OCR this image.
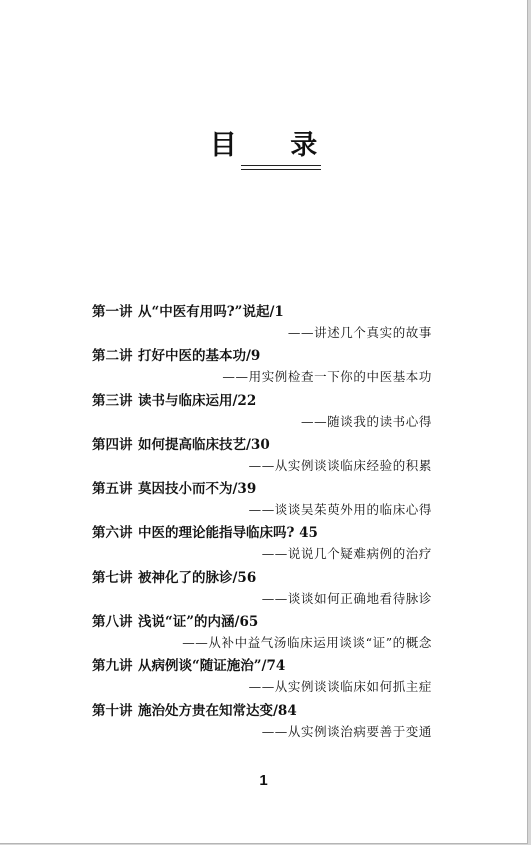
目 录
第一讲 从“中医有用吗?”说起/1
——讲述几个真实的故事
第二讲 打好中医的基本功/9
——用实例检查一下你的中医基本功
第三讲 读书与临床运用/22
——随谈我的读书心得
第四讲 如何提高临床技艺/30
——从实例谈谈临床经验的积累
第五讲 莫因技小而不为/39
——谈谈吴茱萸外用的临床心得
第六讲 中医的理论能指导临床吗? 45
——说说几个疑难病例的治疗
第七讲 被神化了的脉诊/56
——谈谈如何正确地看待脉诊
第八讲 浅说“证”的内涵/65
——从补中益气汤临床运用谈谈“证”的概念
第九讲 从病例谈“随证施治”/74
——从实例谈谈临床如何抓主症
第十讲 施治处方贵在知常达变/84
——从实例谈治病要善于变通
1
